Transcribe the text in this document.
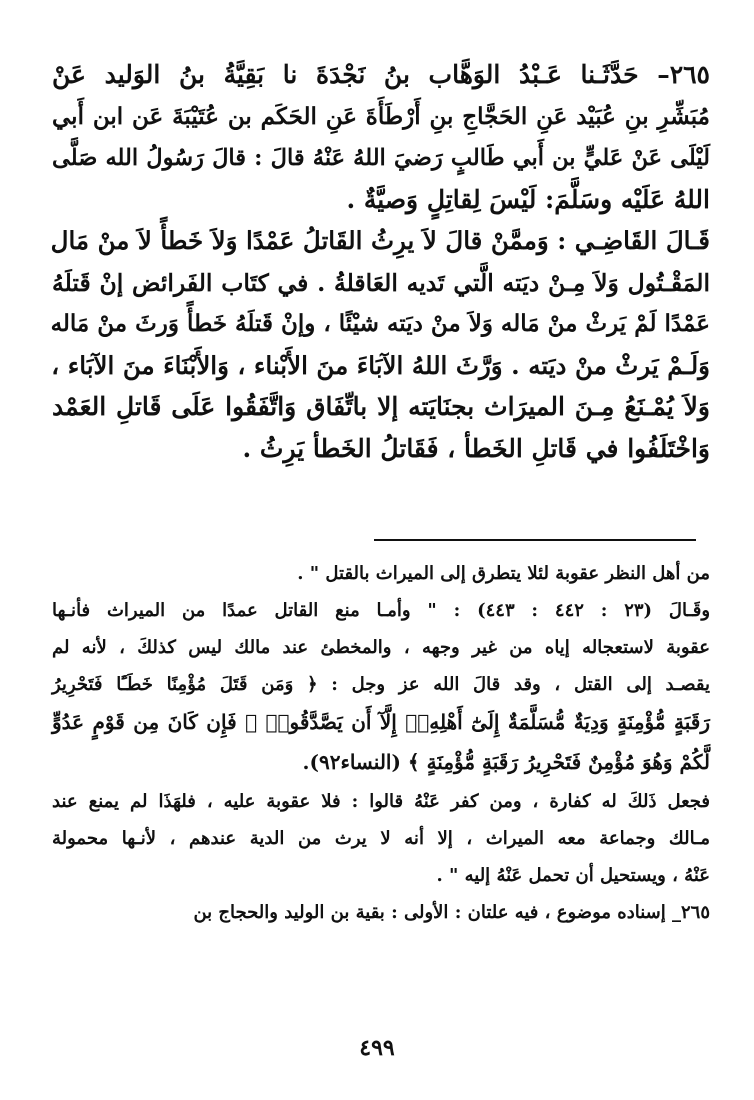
٢٦٥– حَدَّثَـنا عَـبْدُ الوَهَّاب بنُ نَجْدَةَ نا بَقِيَّةُ بنُ الوَليد عَنْ
مُبَشِّرِ بنِ عُبَيْد عَنِ الحَجَّاجِ بنِ أَرْطَأَةَ عَنِ الحَكَم بن عُتَيْبَةَ عَن ابن أَبي
لَيْلَى عَنْ عَليٍّ بن أَبي طَالبٍ رَضيَ اللهُ عَنْهُ قالَ : قالَ رَسُولُ الله صَلَّى
اللهُ عَلَيْه وسَلَّمَ: لَيْسَ لِقاتِلٍ وَصيَّةٌ .
قَـالَ القَاضِـي : وَممَّنْ قالَ لاَ يرِثُ القَاتلُ عَمْدًا وَلاَ خَطأً لاَ منْ مَال
المَقْـتُول وَلاَ مِـنْ ديَته الَّتي تَديه العَاقلةُ . في كتَاب الفَرائض إنْ قَتلَهُ
عَمْدًا لَمْ يَرثْ منْ مَاله وَلاَ منْ ديَته شيْئًا ، وإنْ قَتلَهُ خَطأً وَرثَ منْ مَاله
وَلَـمْ يَرثْ منْ ديَته . وَرَّثَ اللهُ الآبَاءَ منَ الأَبْناء ، وَالأَبْنَاءَ منَ الآبَاء ،
وَلاَ يُمْـنَعُ مِـنَ الميرَاث بجنَايَته إلا باتِّفَاق وَاتَّفَقُوا عَلَى قَاتلِ العَمْد
وَاخْتَلَفُوا في قَاتلِ الخَطأ ، فَقَاتلُ الخَطأ يَرِثُ .
من أهل النظر عقوبة لئلا يتطرق إلى الميراث بالقتل " .
وقَـالَ (٢٣ : ٤٤٢ : ٤٤٣) : " وأمـا منع القاتل عمدًا من الميراث فأنـها
عقوبة لاستعجاله إياه من غير وجهه ، والمخطئ عند مالك ليس كذلكَ ، لأنه لم
يقصـد إلى القتل ، وقد قالَ الله عز وجل : ﴿ وَمَن قَتَلَ مُؤْمِنًا خَطَـًٔا فَتَحْرِيرُ
رَقَبَةٍ مُّؤْمِنَةٍ وَدِيَةٌ مُّسَلَّمَةٌ إِلَىٰٓ أَهْلِهِۦٓ إِلَّآ أَن يَصَّدَّقُوا۟ ۚ فَإِن كَانَ مِن قَوْمٍ عَدُوٍّ
لَّكُمْ وَهُوَ مُؤْمِنٌ فَتَحْرِيرُ رَقَبَةٍ مُّؤْمِنَةٍ ﴾ (النساء٩٢).
فجعل ذَلكَ له كفارة ، ومن كفر عَنْهُ قالوا : فلا عقوبة عليه ، فلهَذَا لم يمنع عند
مـالك وجماعة معه الميراث ، إلا أنه لا يرث من الدية عندهم ، لأنـها محمولة
عَنْهُ ، ويستحيل أن تحمل عَنْهُ إليه " .
٢٦٥_ إسناده موضوع ، فيه علتان : الأولى : بقية بن الوليد والحجاج بن
٤٩٩
